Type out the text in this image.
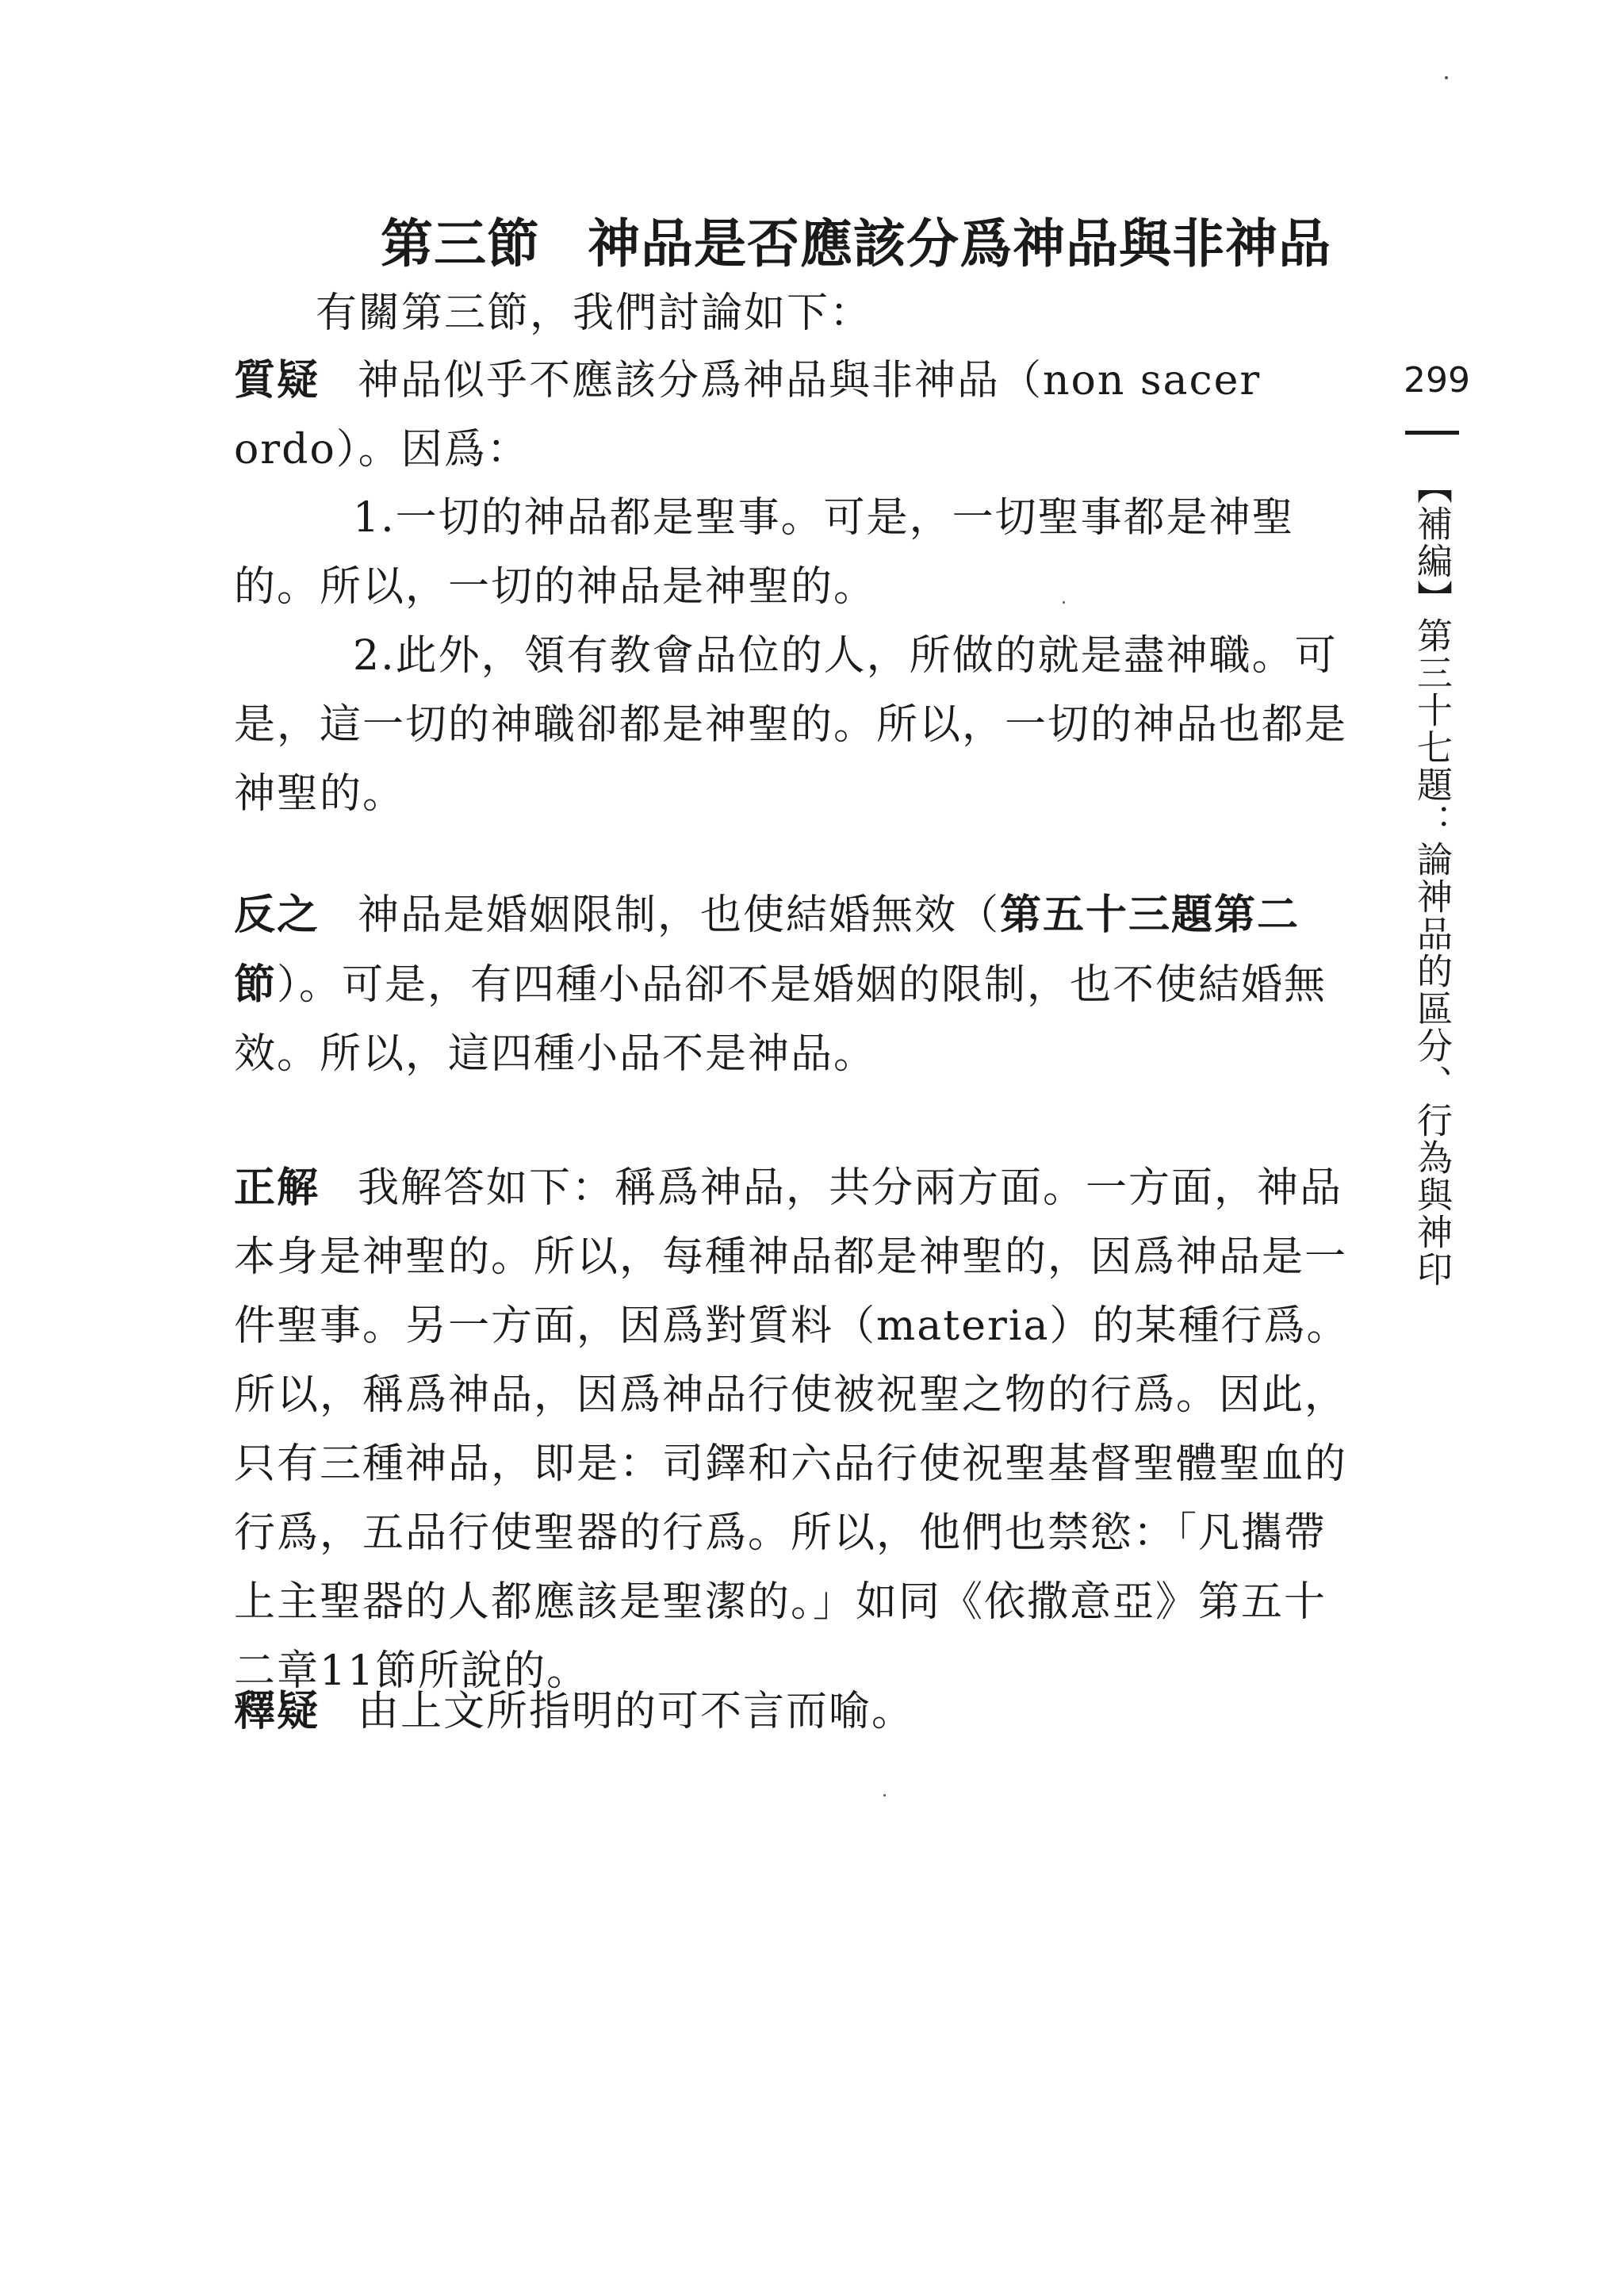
第三節 神品是否應該分爲神品與非神品
有關第三節，我們討論如下：

質疑 神品似乎不應該分爲神品與非神品（non sacer ordo）。因爲：

1.一切的神品都是聖事。可是，一切聖事都是神聖的。所以，一切的神品是神聖的。
2.此外，領有教會品位的人，所做的就是盡神職。可是，這一切的神職卻都是神聖的。所以，一切的神品也都是神聖的。

反之 神品是婚姻限制，也使結婚無效（第五十三題第二節）。可是，有四種小品卻不是婚姻的限制，也不使結婚無效。所以，這四種小品不是神品。

正解 我解答如下：稱爲神品，共分兩方面。一方面，神品本身是神聖的。所以，每種神品都是神聖的，因爲神品是一件聖事。另一方面，因爲對質料（materia）的某種行爲。所以，稱爲神品，因爲神品行使被祝聖之物的行爲。因此，只有三種神品，即是：司鐸和六品行使祝聖基督聖體聖血的行爲，五品行使聖器的行爲。所以，他們也禁慾：「凡攜帶上主聖器的人都應該是聖潔的。」如同《依撒意亞》第五十二章11節所說的。

釋疑 由上文所指明的可不言而喻。

299
【補編】第三十七題：論神品的區分、行為與神印
